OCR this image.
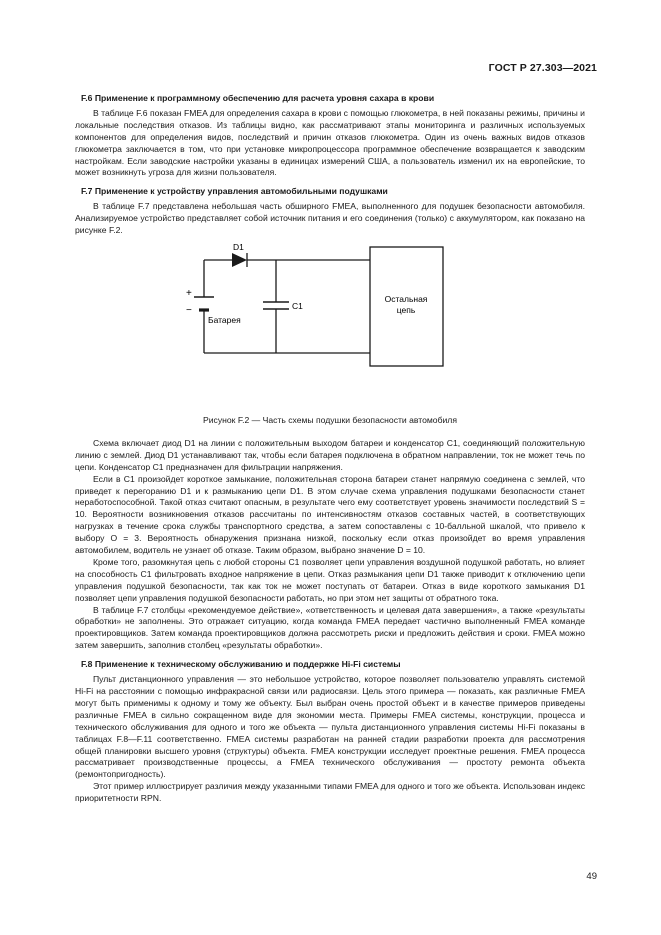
ГОСТ Р 27.303—2021

F.6 Применение к программному обеспечению для расчета уровня сахара в крови

В таблице F.6 показан FMEA для определения сахара в крови с помощью глюкометра, в ней показаны режимы, причины и локальные последствия отказов. Из таблицы видно, как рассматривают этапы мониторинга и различных используемых компонентов для определения видов, последствий и причин отказов глюкометра. Один из очень важных видов отказов глюкометра заключается в том, что при установке микропроцессора программное обеспечение возвращается к заводским настройкам. Если заводские настройки указаны в единицах измерений США, а пользователь изменил их на европейские, то может возникнуть угроза для жизни пользователя.

F.7 Применение к устройству управления автомобильными подушками

В таблице F.7 представлена небольшая часть обширного FMEA, выполненного для подушек безопасности автомобиля. Анализируемое устройство представляет собой источник питания и его соединения (только) с аккумулятором, как показано на рисунке F.2.

D1
C1
+
−
Батарея
Остальная
цепь

Рисунок F.2 — Часть схемы подушки безопасности автомобиля

Схема включает диод D1 на линии с положительным выходом батареи и конденсатор C1, соединяющий положительную линию с землей. Диод D1 устанавливают так, чтобы если батарея подключена в обратном направлении, ток не может течь по цепи. Конденсатор C1 предназначен для фильтрации напряжения.

Если в C1 произойдет короткое замыкание, положительная сторона батареи станет напрямую соединена с землей, что приведет к перегоранию D1 и к размыканию цепи D1. В этом случае схема управления подушками безопасности станет неработоспособной. Такой отказ считают опасным, в результате чего ему соответствует уровень значимости последствий S = 10. Вероятности возникновения отказов рассчитаны по интенсивностям отказов составных частей, в соответствующих нагрузках в течение срока службы транспортного средства, а затем сопоставлены с 10-балльной шкалой, что привело к выбору O = 3. Вероятность обнаружения признана низкой, поскольку если отказ произойдет во время управления автомобилем, водитель не узнает об отказе. Таким образом, выбрано значение D = 10.

Кроме того, разомкнутая цепь с любой стороны C1 позволяет цепи управления воздушной подушкой работать, но влияет на способность C1 фильтровать входное напряжение в цепи. Отказ размыкания цепи D1 также приводит к отключению цепи управления подушкой безопасности, так как ток не может поступать от батареи. Отказ в виде короткого замыкания D1 позволяет цепи управления подушкой безопасности работать, но при этом нет защиты от обратного тока.

В таблице F.7 столбцы «рекомендуемое действие», «ответственность и целевая дата завершения», а также «результаты обработки» не заполнены. Это отражает ситуацию, когда команда FMEA передает частично выполненный FMEA команде проектировщиков. Затем команда проектировщиков должна рассмотреть риски и предложить действия и сроки. FMEA можно затем завершить, заполнив столбец «результаты обработки».

F.8 Применение к техническому обслуживанию и поддержке Hi-Fi системы

Пульт дистанционного управления — это небольшое устройство, которое позволяет пользователю управлять системой Hi-Fi на расстоянии с помощью инфракрасной связи или радиосвязи. Цель этого примера — показать, как различные FMEA могут быть применимы к одному и тому же объекту. Был выбран очень простой объект и в качестве примеров приведены различные FMEA в сильно сокращенном виде для экономии места. Примеры FMEA системы, конструкции, процесса и технического обслуживания для одного и того же объекта — пульта дистанционного управления системы Hi-Fi показаны в таблицах F.8—F.11 соответственно. FMEA системы разработан на ранней стадии разработки проекта для рассмотрения общей планировки высшего уровня (структуры) объекта. FMEA конструкции исследует проектные решения. FMEA процесса рассматривает производственные процессы, а FMEA технического обслуживания — простоту ремонта объекта (ремонтопригодность).

Этот пример иллюстрирует различия между указанными типами FMEA для одного и того же объекта. Использован индекс приоритетности RPN.

49
